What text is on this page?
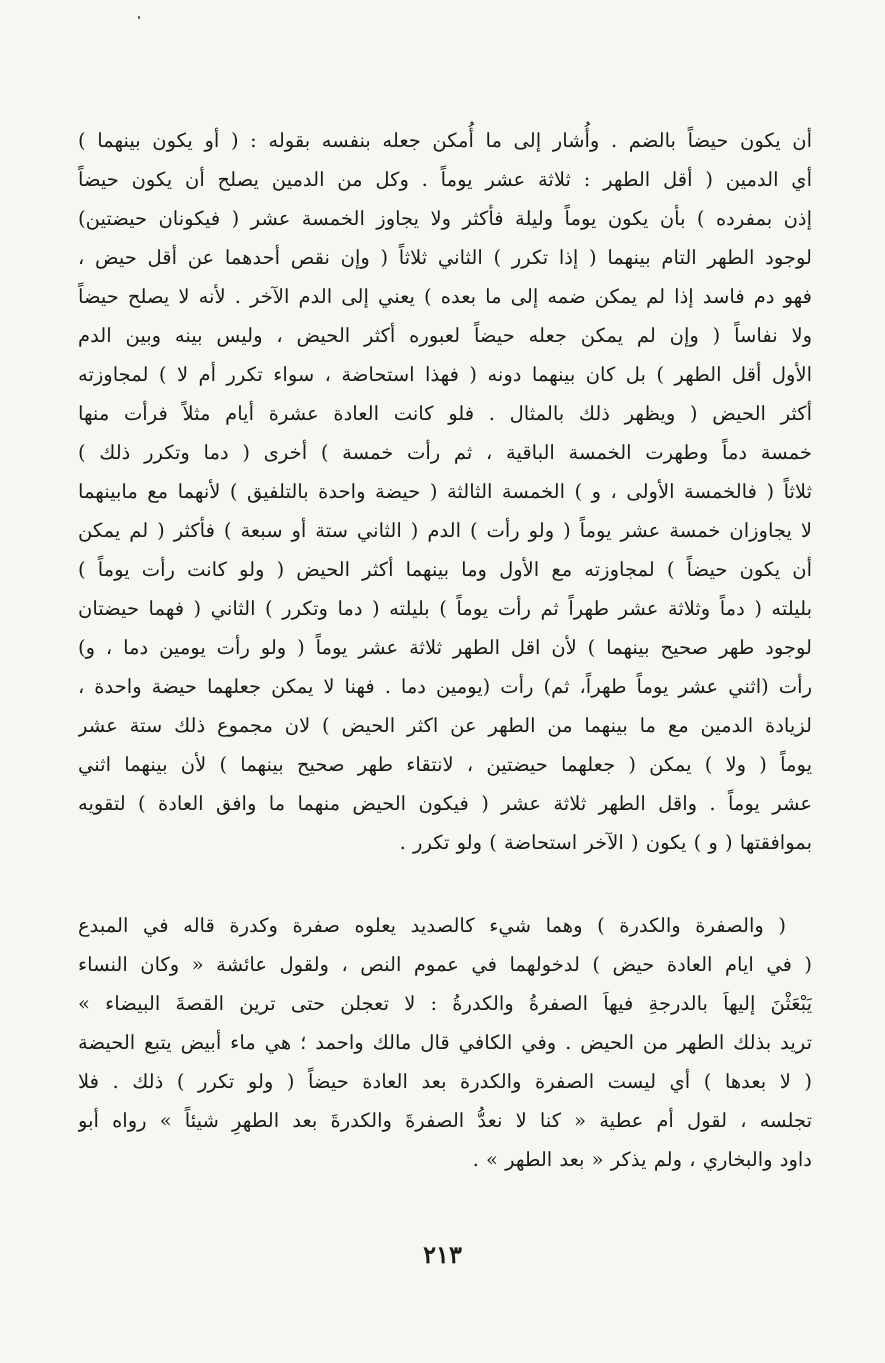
أن يكون حيضاً بالضم . وأُشار إلى ما أُمكن جعله بنفسه بقوله : ( أو يكون بينهما )
أي الدمين ( أقل الطهر : ثلاثة عشر يوماً . وكل من الدمين يصلح أن يكون حيضاً
إذن بمفرده ) بأن يكون يوماً وليلة فأكثر ولا يجاوز الخمسة عشر ( فيكونان حيضتين)
لوجود الطهر التام بينهما ( إذا تكرر ) الثاني ثلاثاً ( وإن نقص أحدهما عن أقل حيض ،
فهو دم فاسد إذا لم يمكن ضمه إلى ما بعده ) يعني إلى الدم الآخر . لأنه لا يصلح حيضاً
ولا نفاساً ( وإن لم يمكن جعله حيضاً لعبوره أكثر الحيض ، وليس بينه وبين الدم
الأول أقل الطهر ) بل كان بينهما دونه ( فهذا استحاضة ، سواء تكرر أم لا ) لمجاوزته
أكثر الحيض ( ويظهر ذلك بالمثال . فلو كانت العادة عشرة أيام مثلاً فرأت منها
خمسة دماً وطهرت الخمسة الباقية ، ثم رأت خمسة ) أخرى ( دما وتكرر ذلك )
ثلاثاً ( فالخمسة الأولى ، و ) الخمسة الثالثة ( حيضة واحدة بالتلفيق ) لأنهما مع مابينهما
لا يجاوزان خمسة عشر يوماً ( ولو رأت ) الدم ( الثاني ستة أو سبعة ) فأكثر ( لم يمكن
أن يكون حيضاً ) لمجاوزته مع الأول وما بينهما أكثر الحيض ( ولو كانت رأت يوماً )
بليلته ( دماً وثلاثة عشر طهراً ثم رأت يوماً ) بليلته ( دما وتكرر ) الثاني ( فهما حيضتان
لوجود طهر صحيح بينهما ) لأن اقل الطهر ثلاثة عشر يوماً ( ولو رأت يومين دما ، و)
رأت (اثني عشر يوماً طهراً، ثم) رأت (يومين دما . فهنا لا يمكن جعلهما حيضة واحدة ،
لزيادة الدمين مع ما بينهما من الطهر عن اكثر الحيض ) لان مجموع ذلك ستة عشر
يوماً ( ولا ) يمكن ( جعلهما حيضتين ، لانتقاء طهر صحيح بينهما ) لأن بينهما اثني
عشر يوماً . واقل الطهر ثلاثة عشر ( فيكون الحيض منهما ما وافق العادة ) لتقويه
بموافقتها ( و ) يكون ( الآخر استحاضة ) ولو تكرر .
( والصفرة والكدرة ) وهما شيء كالصديد يعلوه صفرة وكدرة قاله في المبدع
( في ايام العادة حيض ) لدخولهما في عموم النص ، ولقول عائشة « وكان النساء
يَبْعَثْنَ إليهاَ بالدرجةِ فيهاَ الصفرةُ والكدرةُ : لا تعجلن حتى ترين القصةَ البيضاء »
تريد بذلك الطهر من الحيض . وفي الكافي قال مالك واحمد ؛ هي ماء أبيض يتبع الحيضة
( لا بعدها ) أي ليست الصفرة والكدرة بعد العادة حيضاً ( ولو تكرر ) ذلك . فلا
تجلسه ، لقول أم عطية « كنا لا نعدُّ الصفرةَ والكدرةَ بعد الطهرِ شيئاً » رواه أبو
داود والبخاري ، ولم يذكر « بعد الطهر » .
٢١٣
